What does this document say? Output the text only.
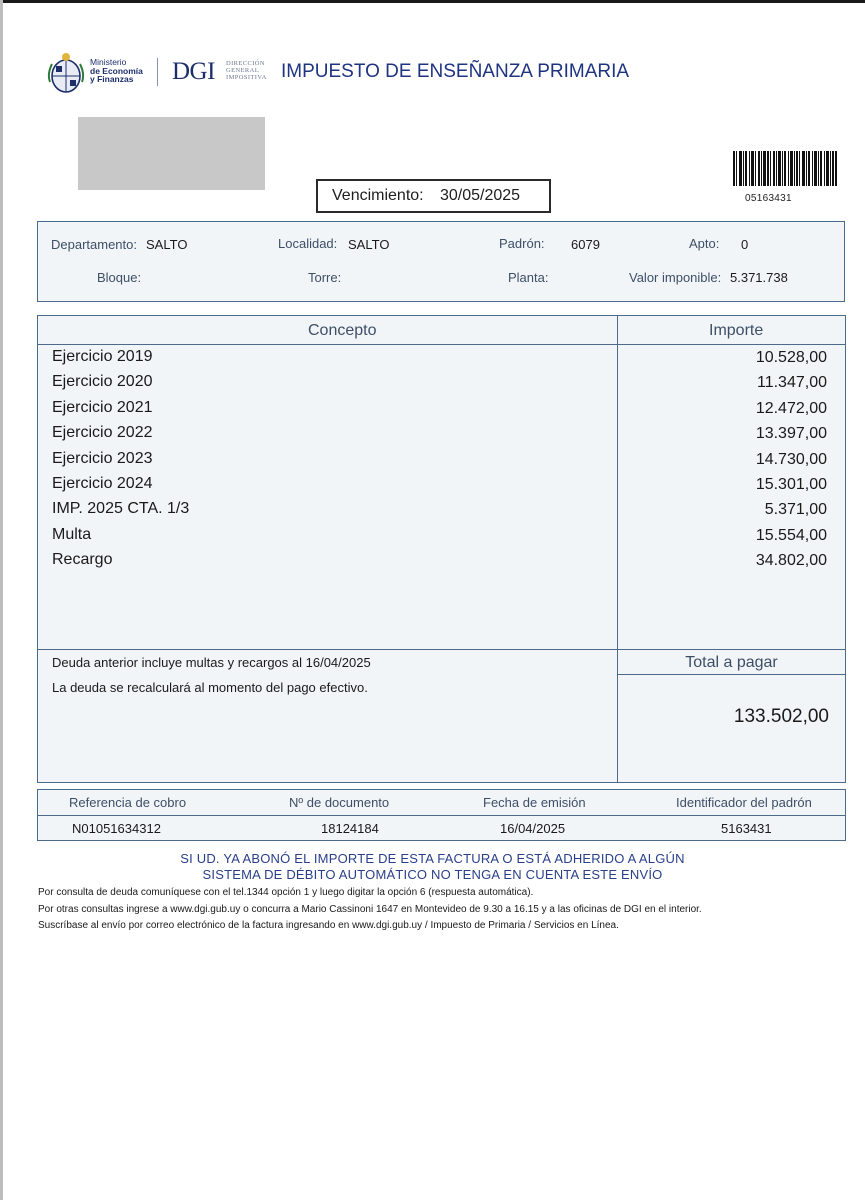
Ministerio
de Economía
y Finanzas	DGI DIRECCIÓN
GENERAL
IMPOSITIVA IMPUESTO DE ENSEÑANZA PRIMARIA
Vencimiento: 30/05/2025	05163431
Departamento: SALTO	Localidad: SALTO	Padrón: 6079	Apto: 0
Bloque:	Torre:	Planta:	Valor imponible: 5.371.738
Concepto	Importe
Ejercicio 2019	10.528,00
Ejercicio 2020	11.347,00
Ejercicio 2021	12.472,00
Ejercicio 2022	13.397,00
Ejercicio 2023	14.730,00
Ejercicio 2024	15.301,00
IMP. 2025 CTA. 1/3	5.371,00
Multa	15.554,00
Recargo	34.802,00
Deuda anterior incluye multas y recargos al 16/04/2025
La deuda se recalculará al momento del pago efectivo.
Total a pagar
133.502,00
Referencia de cobro	Nº de documento	Fecha de emisión	Identificador del padrón
N01051634312	18124184	16/04/2025	5163431
SI UD. YA ABONÓ EL IMPORTE DE ESTA FACTURA O ESTÁ ADHERIDO A ALGÚN
SISTEMA DE DÉBITO AUTOMÁTICO NO TENGA EN CUENTA ESTE ENVÍO
Por consulta de deuda comuníquese con el tel.1344 opción 1 y luego digitar la opción 6 (respuesta automática).
Por otras consultas ingrese a www.dgi.gub.uy o concurra a Mario Cassinoni 1647 en Montevideo de 9.30 a 16.15 y a las oficinas de DGI en el interior.
Suscríbase al envío por correo electrónico de la factura ingresando en www.dgi.gub.uy / Impuesto de Primaria / Servicios en Línea.
